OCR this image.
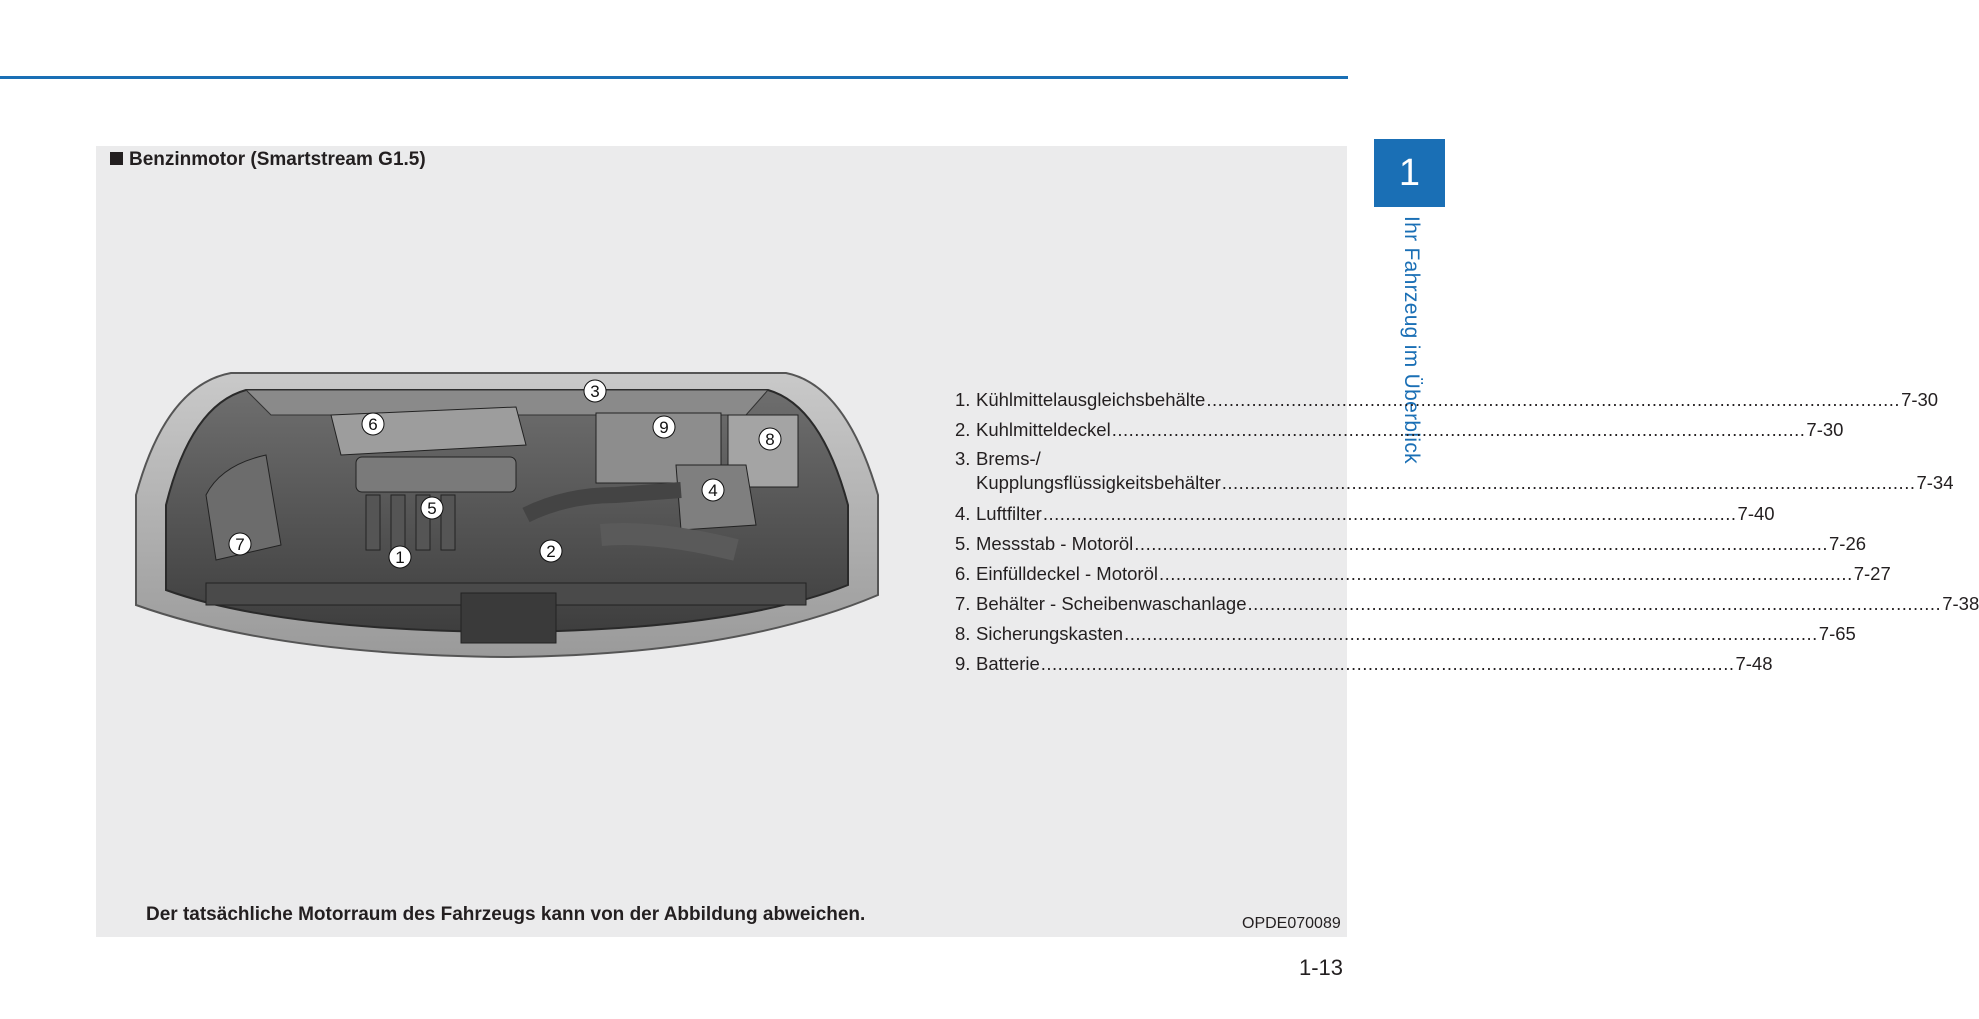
1
Ihr Fahrzeug im Überblick
Benzinmotor (Smartstream G1.5)
1	2
3
4
5
6
7
8
9
1. Kühlmittelausgleichsbehälte .....	7-30
2. Kuhlmitteldeckel .....	7-30
3. Brems-/
Kupplungsflüssigkeitsbehälter .....	7-34
4. Luftfilter .....	7-40
5. Messstab - Motoröl .....	7-26
6. Einfülldeckel - Motoröl .....	7-27
7. Behälter - Scheibenwaschanlage .....	7-38
8. Sicherungskasten .....	7-65
9. Batterie .....	7-48
Der tatsächliche Motorraum des Fahrzeugs kann von der Abbildung abweichen.	OPDE070089
1-13
